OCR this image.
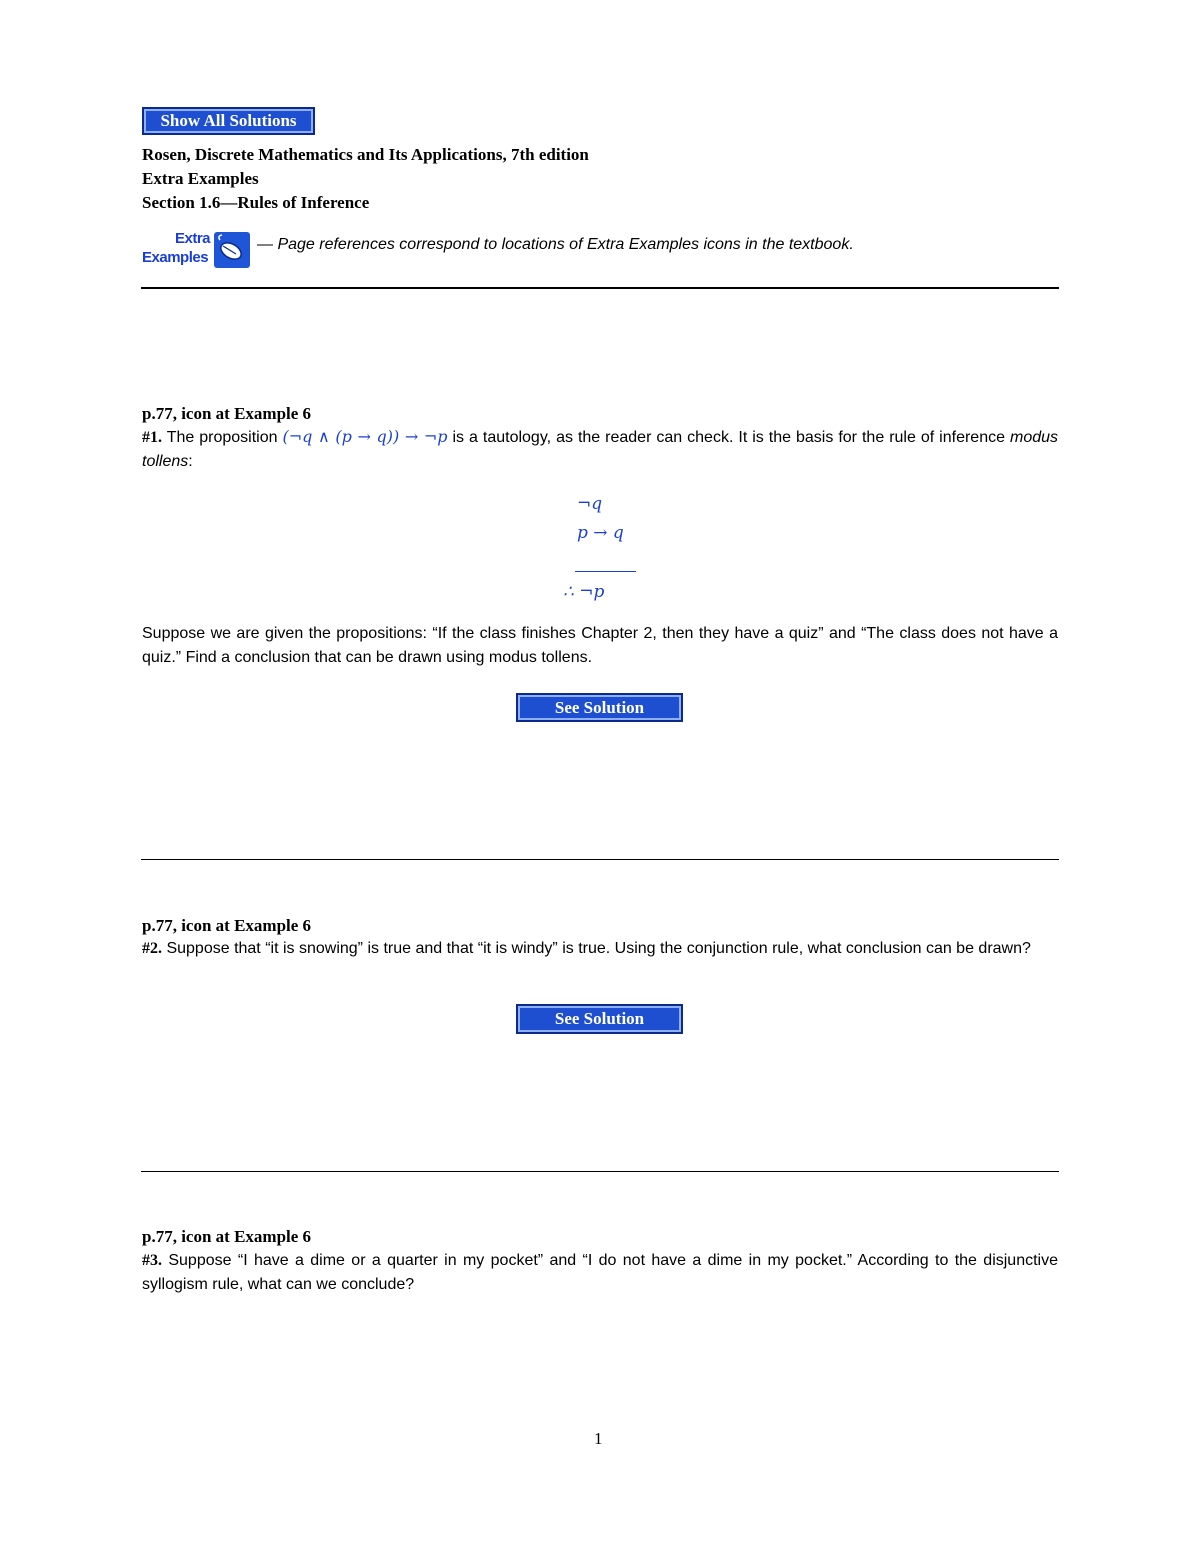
Show All Solutions
Rosen, Discrete Mathematics and Its Applications, 7th edition
Extra Examples
Section 1.6—Rules of Inference
Extra
Examples
— Page references correspond to locations of Extra Examples icons in the textbook.
p.77, icon at Example 6
#1. The proposition (¬q ∧ (p → q)) → ¬p is a tautology, as the reader can check. It is the basis for the rule of inference modus tollens:
¬q
p → q
∴ ¬p
Suppose we are given the propositions: “If the class finishes Chapter 2, then they have a quiz” and “The class does not have a quiz.” Find a conclusion that can be drawn using modus tollens.
See Solution
p.77, icon at Example 6
#2. Suppose that “it is snowing” is true and that “it is windy” is true. Using the conjunction rule, what conclusion can be drawn?
See Solution
p.77, icon at Example 6
#3. Suppose “I have a dime or a quarter in my pocket” and “I do not have a dime in my pocket.” According to the disjunctive syllogism rule, what can we conclude?
1
